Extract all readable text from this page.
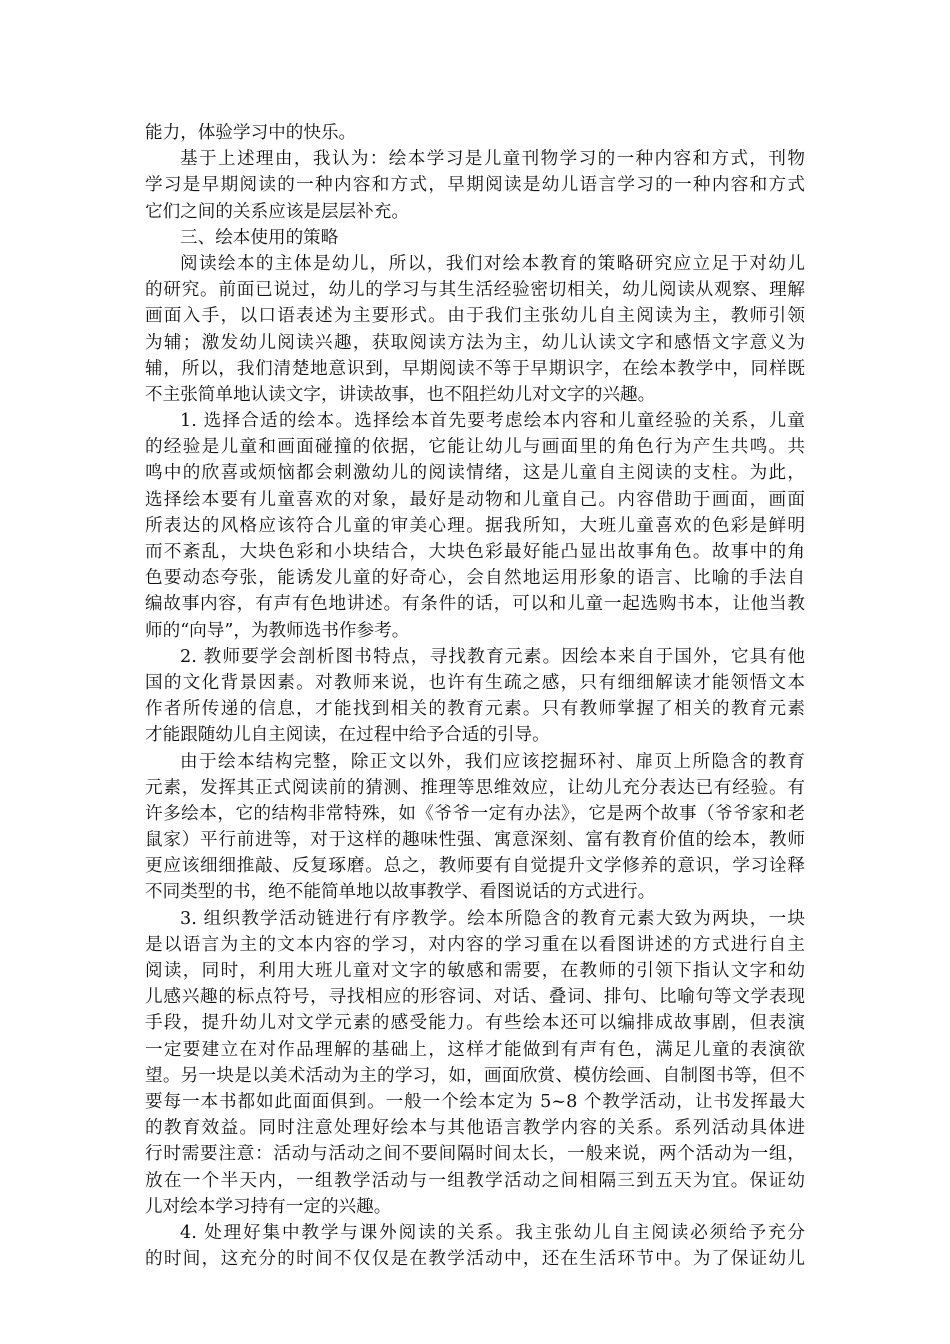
能力，体验学习中的快乐。
基于上述理由，我认为：绘本学习是儿童刊物学习的一种内容和方式，刊物
学习是早期阅读的一种内容和方式，早期阅读是幼儿语言学习的一种内容和方式
它们之间的关系应该是层层补充。
三、绘本使用的策略
阅读绘本的主体是幼儿，所以，我们对绘本教育的策略研究应立足于对幼儿
的研究。前面已说过，幼儿的学习与其生活经验密切相关，幼儿阅读从观察、理解
画面入手，以口语表述为主要形式。由于我们主张幼儿自主阅读为主，教师引领
为辅；激发幼儿阅读兴趣，获取阅读方法为主，幼儿认读文字和感悟文字意义为
辅，所以，我们清楚地意识到，早期阅读不等于早期识字，在绘本教学中，同样既
不主张简单地认读文字，讲读故事，也不阻拦幼儿对文字的兴趣。
1. 选择合适的绘本。选择绘本首先要考虑绘本内容和儿童经验的关系，儿童
的经验是儿童和画面碰撞的依据，它能让幼儿与画面里的角色行为产生共鸣。共
鸣中的欣喜或烦恼都会刺激幼儿的阅读情绪，这是儿童自主阅读的支柱。为此，
选择绘本要有儿童喜欢的对象，最好是动物和儿童自己。内容借助于画面，画面
所表达的风格应该符合儿童的审美心理。据我所知，大班儿童喜欢的色彩是鲜明
而不紊乱，大块色彩和小块结合，大块色彩最好能凸显出故事角色。故事中的角
色要动态夸张，能诱发儿童的好奇心，会自然地运用形象的语言、比喻的手法自
编故事内容，有声有色地讲述。有条件的话，可以和儿童一起选购书本，让他当教
师的“向导”，为教师选书作参考。
2. 教师要学会剖析图书特点，寻找教育元素。因绘本来自于国外，它具有他
国的文化背景因素。对教师来说，也许有生疏之感，只有细细解读才能领悟文本
作者所传递的信息，才能找到相关的教育元素。只有教师掌握了相关的教育元素
才能跟随幼儿自主阅读，在过程中给予合适的引导。
由于绘本结构完整，除正文以外，我们应该挖掘环衬、扉页上所隐含的教育
元素，发挥其正式阅读前的猜测、推理等思维效应，让幼儿充分表达已有经验。有
许多绘本，它的结构非常特殊，如《爷爷一定有办法》，它是两个故事（爷爷家和老
鼠家）平行前进等，对于这样的趣味性强、寓意深刻、富有教育价值的绘本，教师
更应该细细推敲、反复琢磨。总之，教师要有自觉提升文学修养的意识，学习诠释
不同类型的书，绝不能简单地以故事教学、看图说话的方式进行。
3. 组织教学活动链进行有序教学。绘本所隐含的教育元素大致为两块，一块
是以语言为主的文本内容的学习，对内容的学习重在以看图讲述的方式进行自主
阅读，同时，利用大班儿童对文字的敏感和需要，在教师的引领下指认文字和幼
儿感兴趣的标点符号，寻找相应的形容词、对话、叠词、排句、比喻句等文学表现
手段，提升幼儿对文学元素的感受能力。有些绘本还可以编排成故事剧，但表演
一定要建立在对作品理解的基础上，这样才能做到有声有色，满足儿童的表演欲
望。另一块是以美术活动为主的学习，如，画面欣赏、模仿绘画、自制图书等，但不
要每一本书都如此面面俱到。一般一个绘本定为 5~8 个教学活动，让书发挥最大
的教育效益。同时注意处理好绘本与其他语言教学内容的关系。系列活动具体进
行时需要注意：活动与活动之间不要间隔时间太长，一般来说，两个活动为一组，
放在一个半天内，一组教学活动与一组教学活动之间相隔三到五天为宜。保证幼
儿对绘本学习持有一定的兴趣。
4. 处理好集中教学与课外阅读的关系。我主张幼儿自主阅读必须给予充分
的时间，这充分的时间不仅仅是在教学活动中，还在生活环节中。为了保证幼儿
